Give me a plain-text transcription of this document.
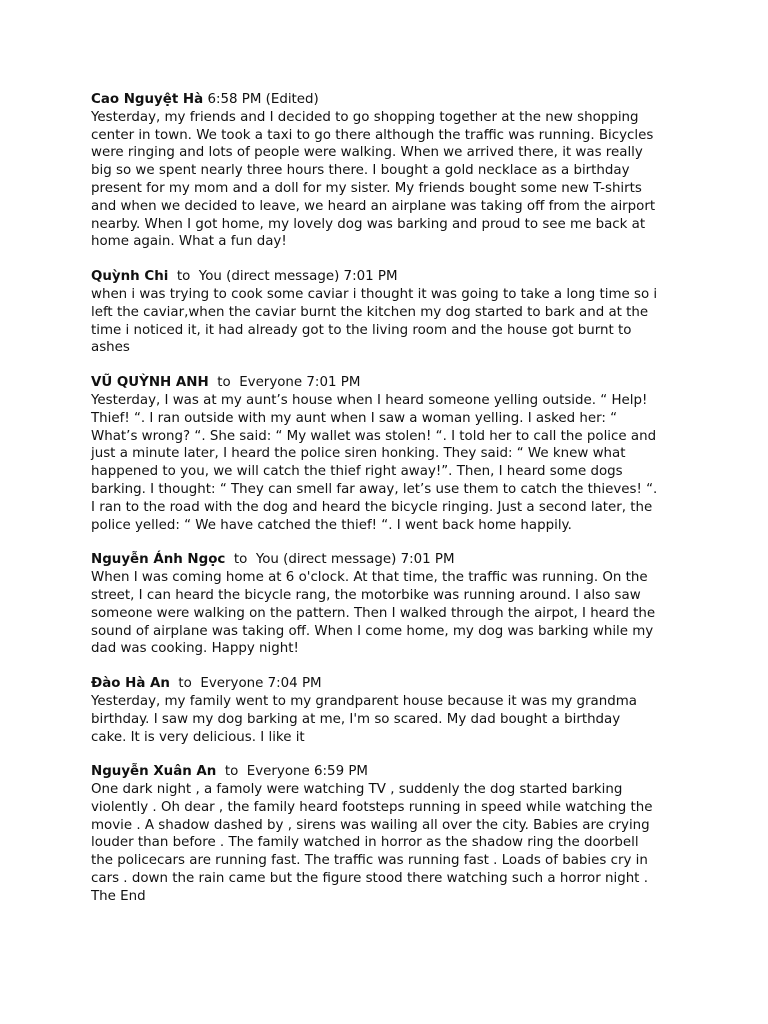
Cao Nguyệt Hà 6:58 PM (Edited)

Yesterday, my friends and I decided to go shopping together at the new shopping
center in town. We took a taxi to go there although the traffic was running. Bicycles
were ringing and lots of people were walking. When we arrived there, it was really
big so we spent nearly three hours there. I bought a gold necklace as a birthday
present for my mom and a doll for my sister. My friends bought some new T-shirts
and when we decided to leave, we heard an airplane was taking off from the airport
nearby. When I got home, my lovely dog was barking and proud to see me back at
home again. What a fun day!

Quỳnh Chi  to  You (direct message) 7:01 PM

when i was trying to cook some caviar i thought it was going to take a long time so i
left the caviar,when the caviar burnt the kitchen my dog started to bark and at the
time i noticed it, it had already got to the living room and the house got burnt to
ashes

VŨ QUỲNH ANH  to  Everyone 7:01 PM

Yesterday, I was at my aunt’s house when I heard someone yelling outside. “ Help!
Thief! “. I ran outside with my aunt when I saw a woman yelling. I asked her: “
What’s wrong? “. She said: “ My wallet was stolen! “. I told her to call the police and
just a minute later, I heard the police siren honking. They said: “ We knew what
happened to you, we will catch the thief right away!”. Then, I heard some dogs
barking. I thought: “ They can smell far away, let’s use them to catch the thieves! “.
I ran to the road with the dog and heard the bicycle ringing. Just a second later, the
police yelled: “ We have catched the thief! “. I went back home happily.

Nguyễn Ánh Ngọc  to  You (direct message) 7:01 PM

When I was coming home at 6 o'clock. At that time, the traffic was running. On the
street, I can heard the bicycle rang, the motorbike was running around. I also saw
someone were walking on the pattern. Then I walked through the airpot, I heard the
sound of airplane was taking off. When I come home, my dog was barking while my
dad was cooking. Happy night!

Đào Hà An  to  Everyone 7:04 PM

Yesterday, my family went to my grandparent house because it was my grandma
birthday. I saw my dog barking at me, I'm so scared. My dad bought a birthday
cake. It is very delicious. I like it

Nguyễn Xuân An  to  Everyone 6:59 PM

One dark night , a famoly were watching TV , suddenly the dog started barking
violently . Oh dear , the family heard footsteps running in speed while watching the
movie . A shadow dashed by , sirens was wailing all over the city. Babies are crying
louder than before . The family watched in horror as the shadow ring the doorbell
the policecars are running fast. The traffic was running fast . Loads of babies cry in
cars . down the rain came but the figure stood there watching such a horror night .
The End
